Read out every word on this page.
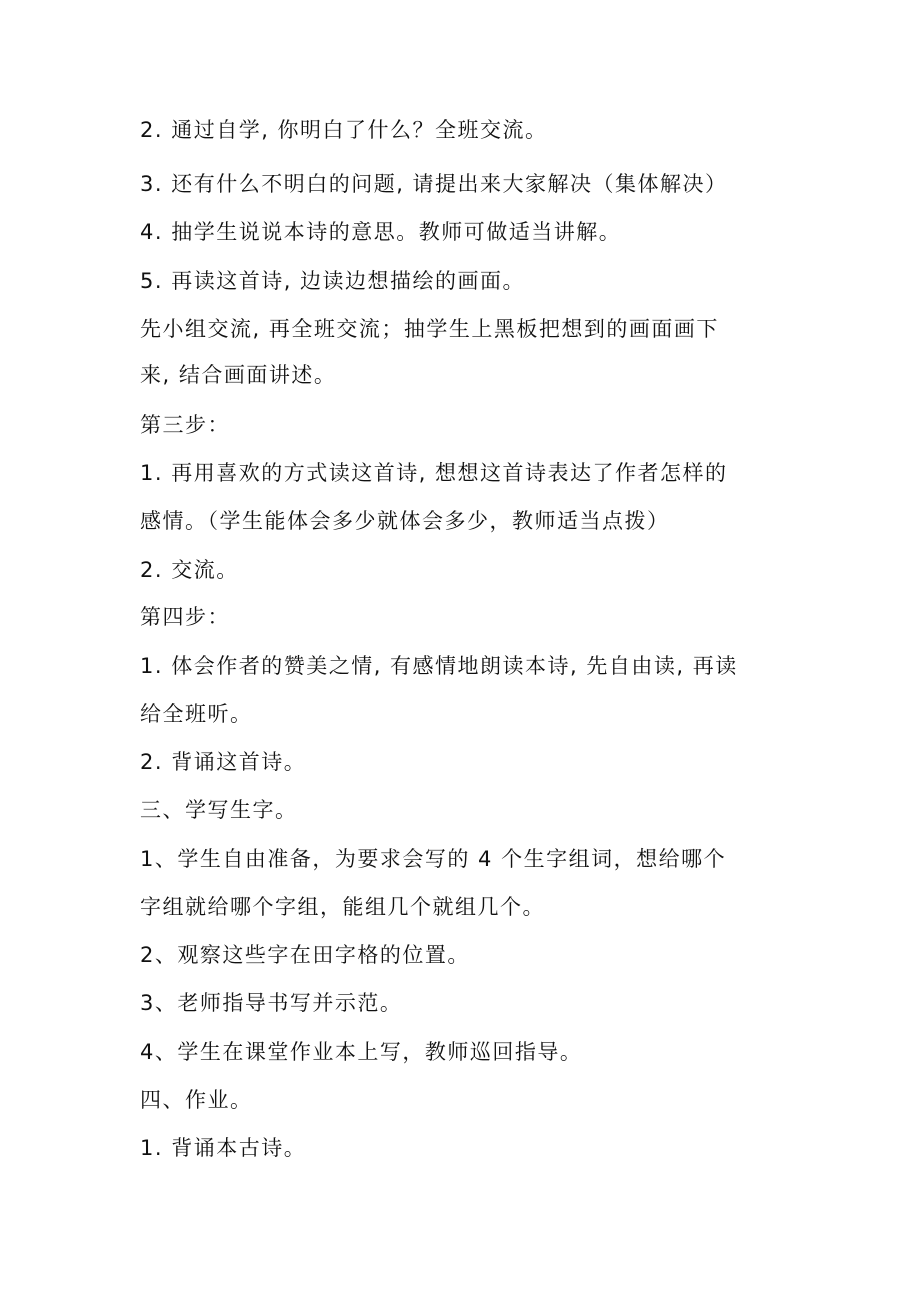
2. 通过自学, 你明白了什么？全班交流。
3. 还有什么不明白的问题, 请提出来大家解决（集体解决）
4. 抽学生说说本诗的意思。教师可做适当讲解。
5. 再读这首诗, 边读边想描绘的画面。
先小组交流, 再全班交流；抽学生上黑板把想到的画面画下
来, 结合画面讲述。
第三步：
1. 再用喜欢的方式读这首诗, 想想这首诗表达了作者怎样的
感情。（学生能体会多少就体会多少，教师适当点拨）
2. 交流。
第四步：
1. 体会作者的赞美之情, 有感情地朗读本诗, 先自由读, 再读
给全班听。
2. 背诵这首诗。
三、学写生字。
1、学生自由准备，为要求会写的 4 个生字组词，想给哪个
字组就给哪个字组，能组几个就组几个。
2、观察这些字在田字格的位置。
3、老师指导书写并示范。
4、学生在课堂作业本上写，教师巡回指导。
四、作业。
1. 背诵本古诗。
